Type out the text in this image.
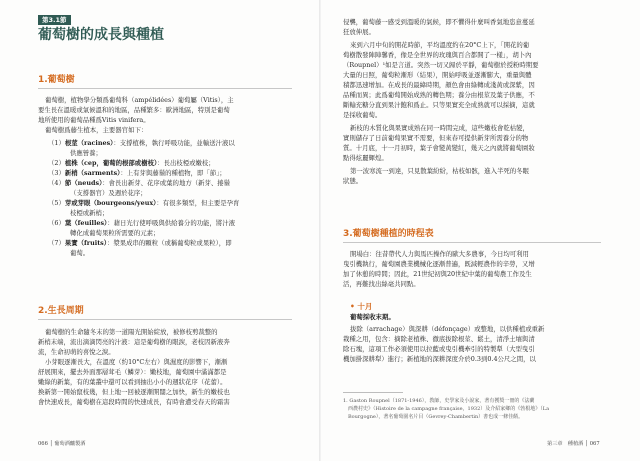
第3.1節
葡萄樹的成長與種植
1.葡萄樹
葡萄樹，植物學分類爲葡萄科（ampélidées）葡萄屬（Vitis），主
要生長在溫暖或氣候溫和的地區，品種繁多：歐洲地區，特別是葡萄
地所使用的葡萄品種爲Vitis vinifera。
葡萄樹爲藤生植本，主要器官如下：
（1）根莖（racines）：支撐植株，執行呼吸功能，並輸送汁液以
供應營養；
（2）植株（cep，葡萄的根部或樹枝）：長出枝椏或嫩枝；
（3）新梢（sarments）：上有芽與藤鬚的種植物，即「節」；
（4）節（neuds）：會長出新芽、花序或葉的地方（新芽、捲鬚
（支撐器官）及週於花序；
（5）芽或芽眼（bourgeons/yeux）：有很多類型，但主要是孕育
枝椏或新梢；
（6）葉（feuilles）：藉日光行使呼吸與供給養分的功能，將汁液
轉化成葡萄果粒所需要的元素；
（7）果實（fruits）：漿果成串的顆粒（或稱葡萄粒或果粒），即
葡萄。
2.生長周期
葡萄樹的生命隨冬末的第一道陽光開始綻放，被修枝剪裁整的
新梢末端，流出滴滴閃亮的汁液：這是葡萄樹的眼淚，老枝因新液奔
流，生命初萌的喜悅之淚。
小芽眼逐漸長大，在溫度（約10°C左右）與濕度的影響下，漸漸
舒展開來，擺去外面那層茸毛（鱗芽）：嫩枝地，葡萄園中滿滿都是
嫩綠的新葉，有的葉叢中還可以看到抽出小小的週狀花序（花蕾）。
換新第一開始竄枝幾，但上地一回被逐漸開闊之加快，新生的嫩枝也
會快速成長，葡萄樹在這段時間的快速成長，有時會遭受春天的霜害
066 │ 葡萄酒釀製酒
侵襲，葡萄藤一感受到溫暖的氣候，即不懼得什麼叫香氣地恣意蔓延
狂放伸展。
來到六月中旬的開花時節，平均溫度約在20°C上下，「開花的葡
萄樹散發陣陣馨香，像是全世界的玫瑰與百合都開了一樣」，胡卜內
（Roupnel）¹如是言道。突然一切又歸於平靜，葡萄樹於授粉時期要
大量的日照，葡萄粒漸形（結果），開始呼吸並逐漸膨大，重量與體
積都迅速增加。在成長的最緯時期，顏色會由綠轉成淺黃或深紫，因
品種而異；此爲葡萄開始成熟的轉色期；養分由根莖及葉子供應，不
斷輸充糖分直到果汁飽和爲止。只等果實充全成熟就可以採摘，這就
是採收葡萄。
新枝的木質化與果實成熟在同一時間完成，這些嫩枝會乾枯變，
實則儲存了日前葡萄果實不需要，但來春可提供新芽所需養分的物
質。十月底，十一月初時，葉子會變黃變紅，幾天之內就將葡萄園妝
點得炫麗輝煌。
第一波寒流一到達，只見散葉紛紛，枯枝如骸，進入半死的冬眠
狀態。
3.葡萄樹種植的時程表
開場白：往昔帶代人力與馬匹操作的歐大多農事，今日均可利用
曳引機執行，葡萄園農業機械化逐漸普遍，既減輕農作的辛勞，又增
加了休憩的時間；因此，21世紀初與20世紀中葉的葡萄農工作及生
活，再難找出絲毫共同點。
• 十月
葡萄採收末期。
拔除（arrachage）與深耕（défonçage）或整地，以供種植或重新
栽種之用，包含：摘除老植株、徹底拔除根莖、鬆土，清淨土壤與清
除石塊，這項工作必須使用以拉藍或曳引機牽引的特製犁（大型曳引
機加掛深耕犁）進行；新植地的深耕深度介於0.3到0.4公尺之間，以
1. Gaston Roupnel（1871-1946），教師，史學家及小說家，著有獲獎一冊的《法蘭
西農村史》（Histoire de la campagne française，1932）及介紹家鄉的《勃根地》（La
Bourgogne），著名葡萄園名片目（Gevrey-Chambertin）書也成一條佳餚。
第三章　種植酒 │ 067
